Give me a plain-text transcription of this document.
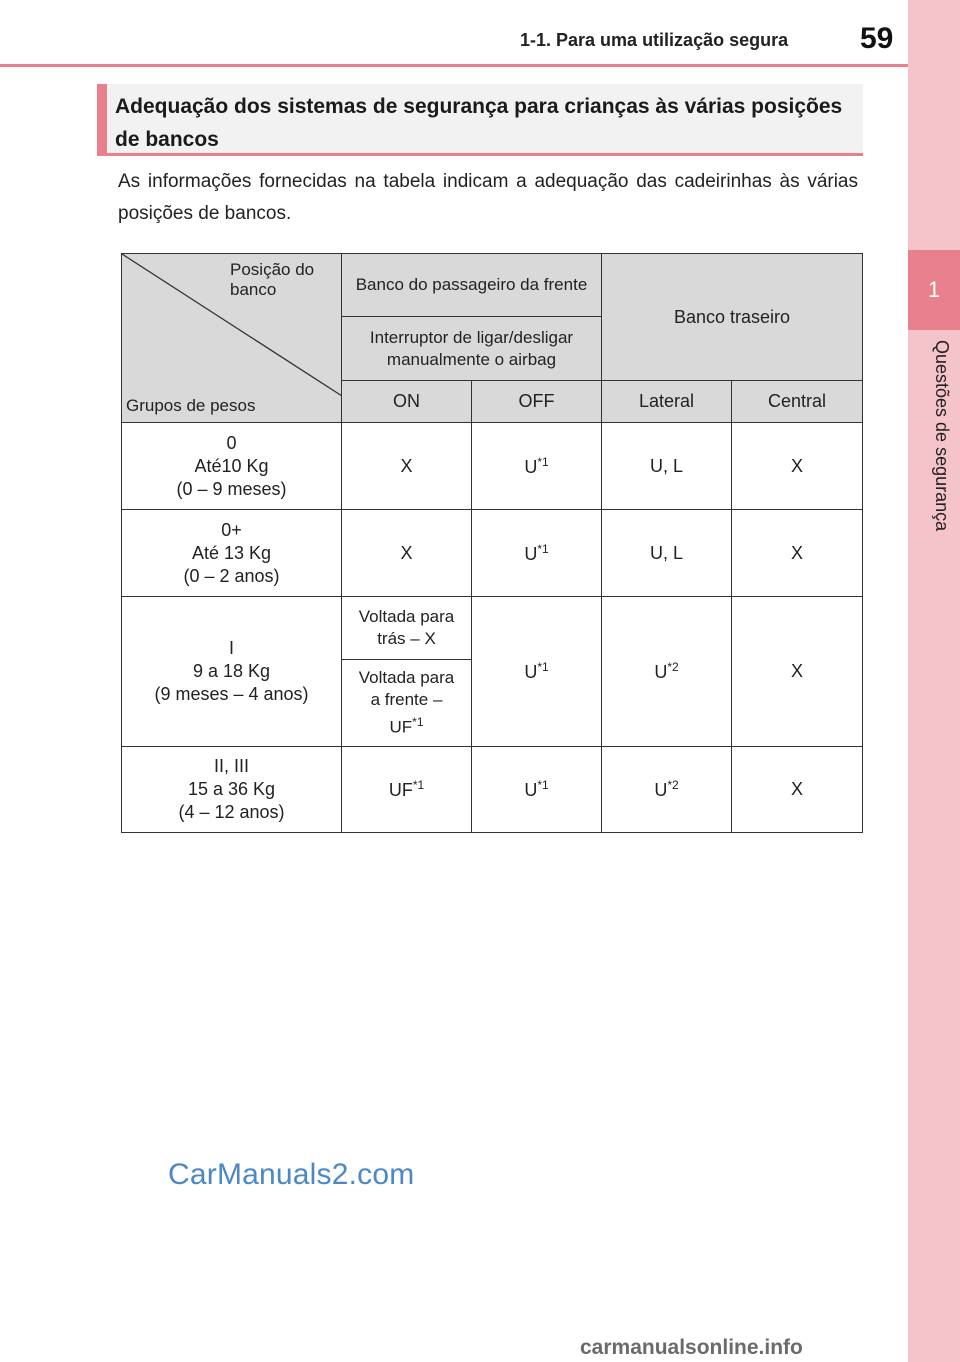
1
Questões de segurança
1-1. Para uma utilização segura 59
Adequação dos sistemas de segurança para crianças às várias posições de bancos
As informações fornecidas na tabela indicam a adequação das cadeirinhas às várias posições de bancos.
Posição do banco
Grupos de pesos	Banco do passageiro da frente		Banco traseiro	
	Interruptor de ligar/desligar manualmente o airbag			
	ON	OFF	Lateral	Central

0
Até10 Kg
(0 – 9 meses)	X	$U^{*1}$	U, L	X

0+
Até 13 Kg
(0 – 2 anos)	X	$U^{*1}$	U, L	X

I
9 a 18 Kg
(9 meses – 4 anos)	Voltada para trás – X	$U^{*1}$	$U^{*2}$	X

	Voltada para a frente –
UF$^{*1}$

II, III
15 a 36 Kg
(4 – 12 anos)	UF$^{*1}$	$U^{*1}$	$U^{*2}$	X
CarManuals2.com
carmanualsonline.info
